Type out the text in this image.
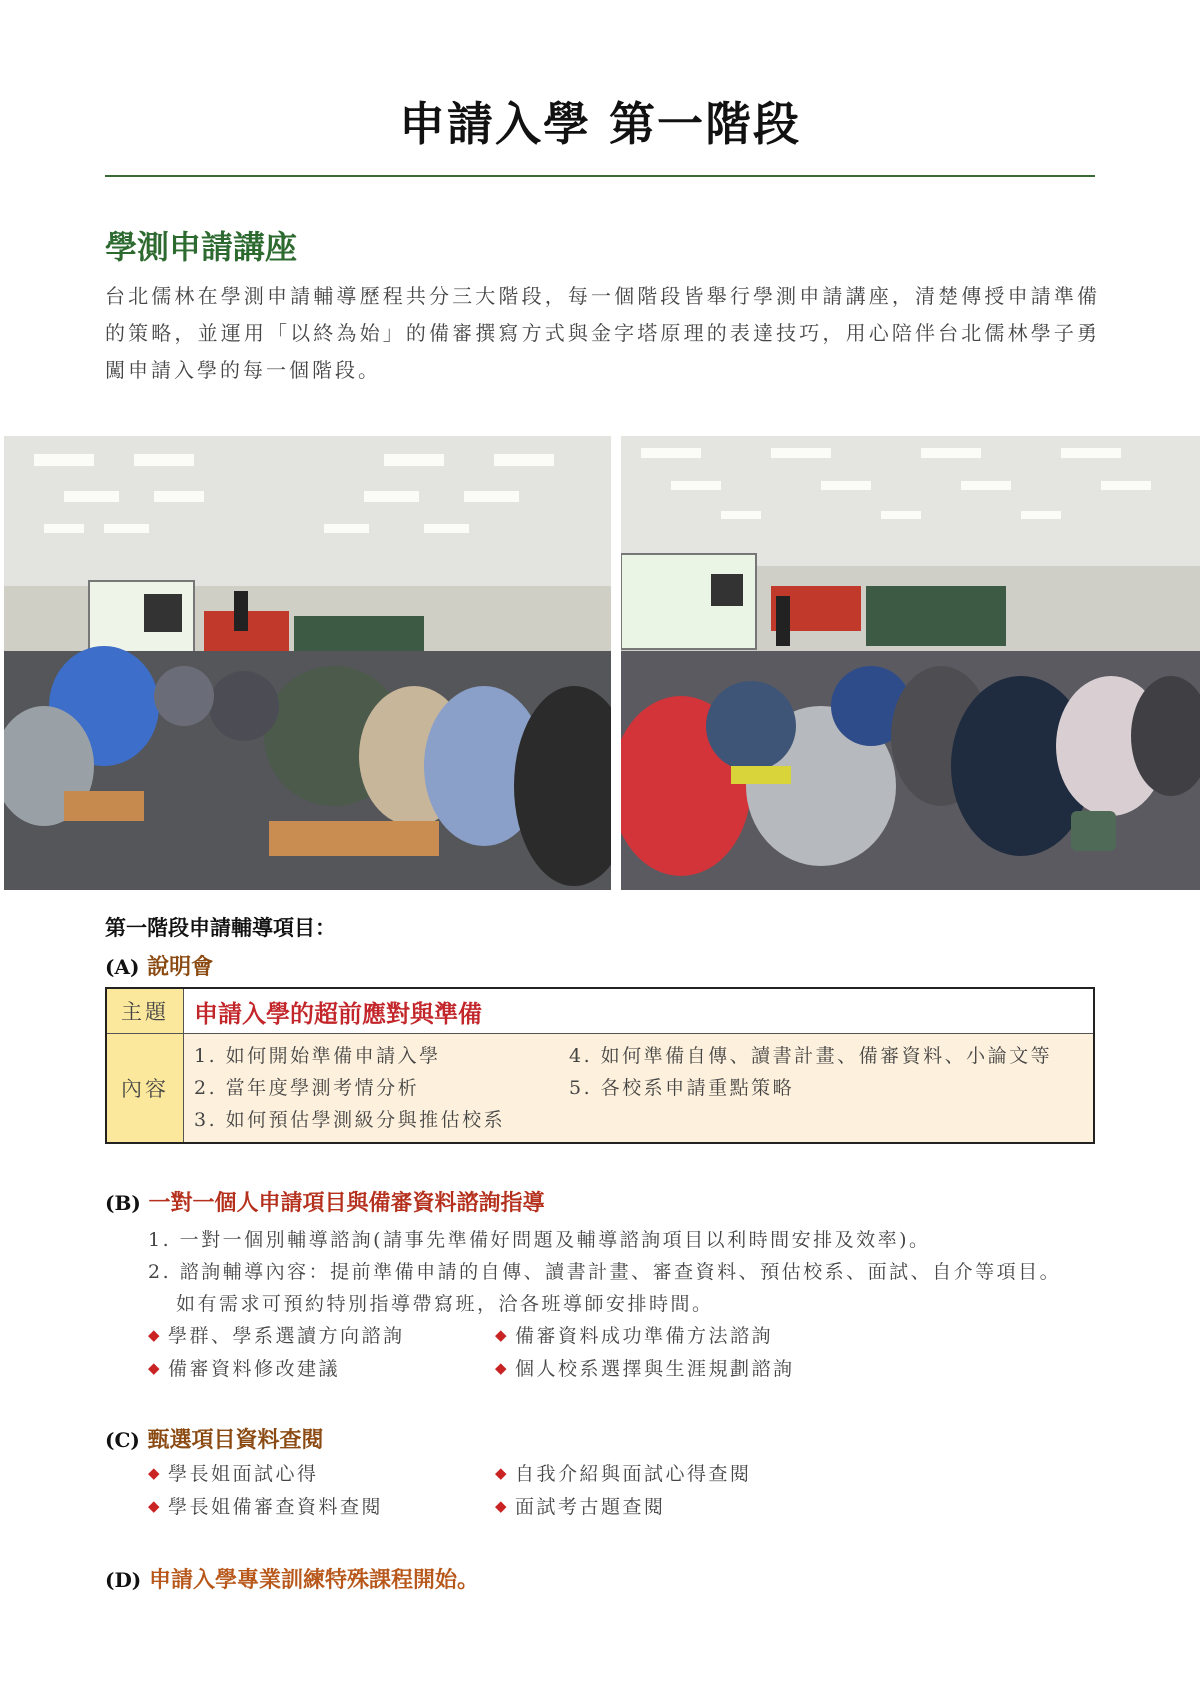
申請入學 第一階段
學測申請講座
台北儒林在學測申請輔導歷程共分三大階段，每一個階段皆舉行學測申請講座，清楚傳授申請準備的策略，並運用「以終為始」的備審撰寫方式與金字塔原理的表達技巧，用心陪伴台北儒林學子勇闖申請入學的每一個階段。
第一階段申請輔導項目：
(A) 說明會
主題	申請入學的超前應對與準備
內容	1. 如何開始準備申請入學 4. 如何準備自傳、讀書計畫、備審資料、小論文等
2. 當年度學測考情分析 5. 各校系申請重點策略
3. 如何預估學測級分與推估校系
(B) 一對一個人申請項目與備審資料諮詢指導
1. 一對一個別輔導諮詢(請事先準備好問題及輔導諮詢項目以利時間安排及效率)。
2. 諮詢輔導內容：提前準備申請的自傳、讀書計畫、審查資料、預估校系、面試、自介等項目。
如有需求可預約特別指導帶寫班，洽各班導師安排時間。
◆ 學群、學系選讀方向諮詢	◆ 備審資料成功準備方法諮詢
◆ 備審資料修改建議	◆ 個人校系選擇與生涯規劃諮詢
(C) 甄選項目資料查閱
◆ 學長姐面試心得	◆ 自我介紹與面試心得查閱
◆ 學長姐備審查資料查閱	◆ 面試考古題查閱
(D) 申請入學專業訓練特殊課程開始。
